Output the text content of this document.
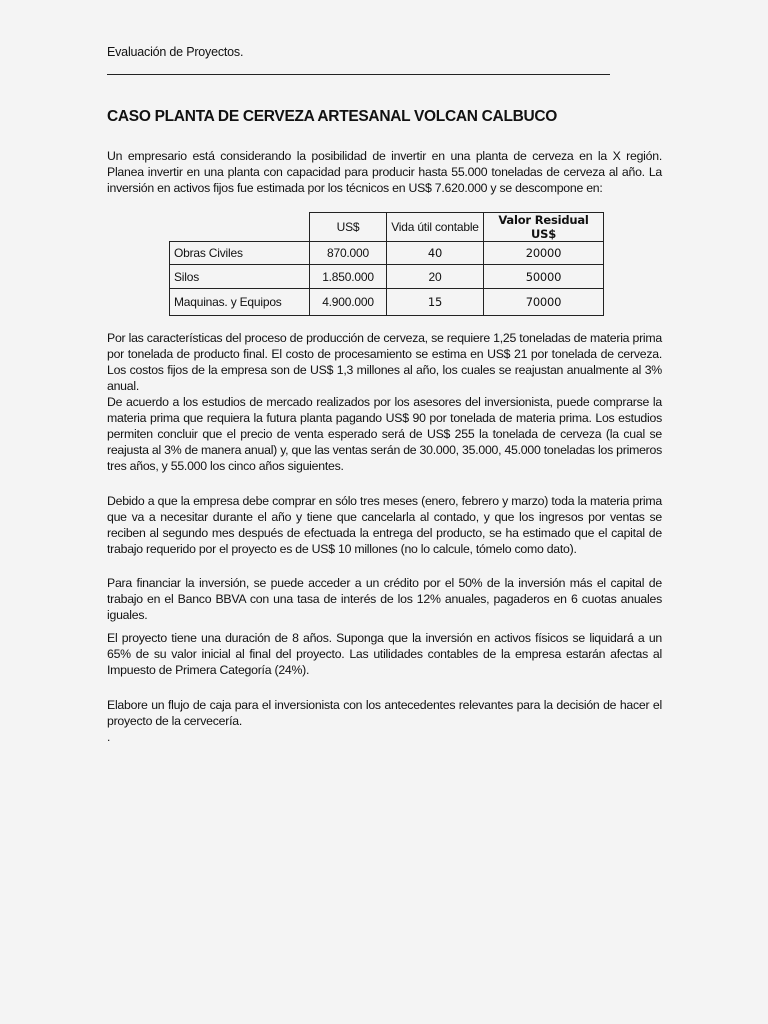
Evaluación de Proyectos.
CASO PLANTA DE CERVEZA ARTESANAL VOLCAN CALBUCO
Un empresario está considerando la posibilidad de invertir en una planta de cerveza en la X región. Planea invertir en una planta con capacidad para producir hasta 55.000 toneladas de cerveza al año. La inversión en activos fijos fue estimada por los técnicos en US$ 7.620.000 y se descompone en:
	US$	Vida útil contable	Valor Residual US$
Obras Civiles	870.000	40	20000
Silos	1.850.000	20	50000
Maquinas. y Equipos	4.900.000	15	70000
Por las características del proceso de producción de cerveza, se requiere 1,25 toneladas de materia prima por tonelada de producto final. El costo de procesamiento se estima en US$ 21 por tonelada de cerveza. Los costos fijos de la empresa son de US$ 1,3 millones al año, los cuales se reajustan anualmente al 3% anual.
De acuerdo a los estudios de mercado realizados por los asesores del inversionista, puede comprarse la materia prima que requiera la futura planta pagando US$ 90 por tonelada de materia prima. Los estudios permiten concluir que el precio de venta esperado será de US$ 255 la tonelada de cerveza (la cual se reajusta al 3% de manera anual) y, que las ventas serán de 30.000, 35.000, 45.000 toneladas los primeros tres años, y 55.000 los cinco años siguientes.
Debido a que la empresa debe comprar en sólo tres meses (enero, febrero y marzo) toda la materia prima que va a necesitar durante el año y tiene que cancelarla al contado, y que los ingresos por ventas se reciben al segundo mes después de efectuada la entrega del producto, se ha estimado que el capital de trabajo requerido por el proyecto es de US$ 10 millones (no lo calcule, tómelo como dato).
Para financiar la inversión, se puede acceder a un crédito por el 50% de la inversión más el capital de trabajo en el Banco BBVA con una tasa de interés de los 12% anuales, pagaderos en 6 cuotas anuales iguales.
El proyecto tiene una duración de 8 años. Suponga que la inversión en activos físicos se liquidará a un 65% de su valor inicial al final del proyecto. Las utilidades contables de la empresa estarán afectas al Impuesto de Primera Categoría (24%).
Elabore un flujo de caja para el inversionista con los antecedentes relevantes para la decisión de hacer el proyecto de la cervecería.
.
